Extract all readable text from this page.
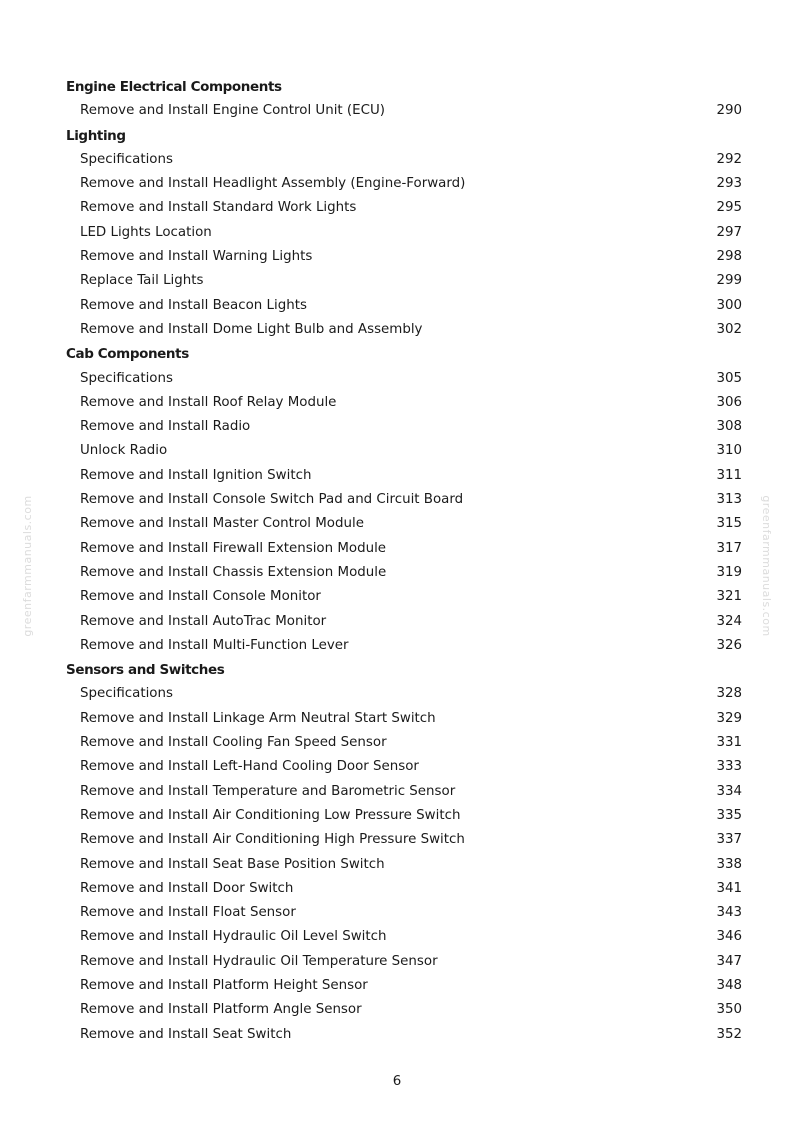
greenfarmmanuals.com	greenfarmmanuals.com
Engine Electrical Components
Remove and Install Engine Control Unit (ECU)	290
Lighting
Specifications	292
Remove and Install Headlight Assembly (Engine-Forward)	293
Remove and Install Standard Work Lights	295
LED Lights Location	297
Remove and Install Warning Lights	298
Replace Tail Lights	299
Remove and Install Beacon Lights	300
Remove and Install Dome Light Bulb and Assembly	302
Cab Components
Specifications	305
Remove and Install Roof Relay Module	306
Remove and Install Radio	308
Unlock Radio	310
Remove and Install Ignition Switch	311
Remove and Install Console Switch Pad and Circuit Board	313
Remove and Install Master Control Module	315
Remove and Install Firewall Extension Module	317
Remove and Install Chassis Extension Module	319
Remove and Install Console Monitor	321
Remove and Install AutoTrac Monitor	324
Remove and Install Multi-Function Lever	326
Sensors and Switches
Specifications	328
Remove and Install Linkage Arm Neutral Start Switch	329
Remove and Install Cooling Fan Speed Sensor	331
Remove and Install Left-Hand Cooling Door Sensor	333
Remove and Install Temperature and Barometric Sensor	334
Remove and Install Air Conditioning Low Pressure Switch	335
Remove and Install Air Conditioning High Pressure Switch	337
Remove and Install Seat Base Position Switch	338
Remove and Install Door Switch	341
Remove and Install Float Sensor	343
Remove and Install Hydraulic Oil Level Switch	346
Remove and Install Hydraulic Oil Temperature Sensor	347
Remove and Install Platform Height Sensor	348
Remove and Install Platform Angle Sensor	350
Remove and Install Seat Switch	352
6
